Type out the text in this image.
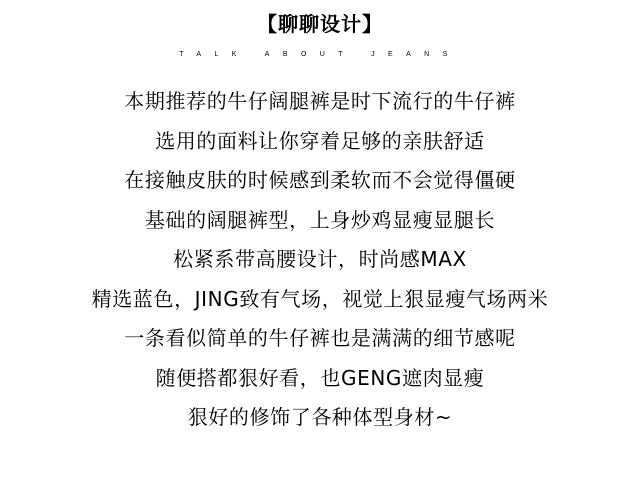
【聊聊设计】
TALK ABOUT JEANS
本期推荐的牛仔阔腿裤是时下流行的牛仔裤
选用的面料让你穿着足够的亲肤舒适
在接触皮肤的时候感到柔软而不会觉得僵硬
基础的阔腿裤型，上身炒鸡显瘦显腿长
松紧系带高腰设计，时尚感MAX
精选蓝色，JING致有气场，视觉上狠显瘦气场两米
一条看似简单的牛仔裤也是满满的细节感呢
随便搭都狠好看，也GENG遮肉显瘦
狠好的修饰了各种体型身材~
